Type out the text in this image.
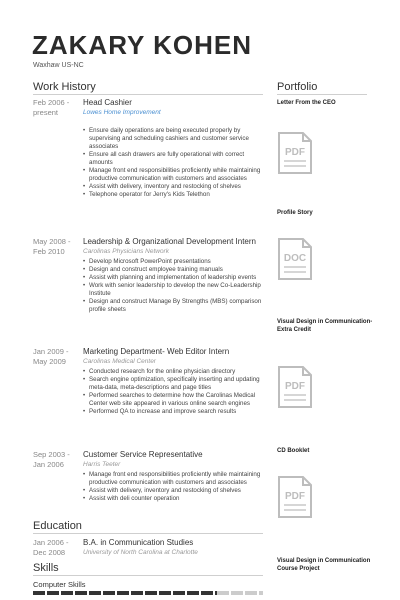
ZAKARY KOHEN
Waxhaw US-NC
Work History	Portfolio
Feb 2006 - present
Head Cashier
Lowes Home Improvement
• Ensure daily operations are being executed properly by supervising and scheduling cashiers and customer service associates
• Ensure all cash drawers are fully operational with correct amounts
• Manage front end responsibilities proficiently while maintaining productive communication with customers and associates
• Assist with delivery, inventory and restocking of shelves
• Telephone operator for Jerry's Kids Telethon
May 2008 - Feb 2010
Leadership & Organizational Development Intern
Carolinas Physicians Network
• Develop Microsoft PowerPoint presentations
• Design and construct employee training manuals
• Assist with planning and implementation of leadership events
• Work with senior leadership to develop the new Co-Leadership Institute
• Design and construct Manage By Strengths (MBS) comparison profile sheets
Jan 2009 - May 2009
Marketing Department- Web Editor Intern
Carolinas Medical Center
• Conducted research for the online physician directory
• Search engine optimization, specifically inserting and updating meta-data, meta-descriptions and page titles
• Performed searches to determine how the Carolinas Medical Center web site appeared in various online search engines
• Performed QA to increase and improve search results
Sep 2003 - Jan 2006
Customer Service Representative
Harris Teeter
• Manage front end responsibilities proficiently while maintaining productive communication with customers and associates
• Assist with delivery, inventory and restocking of shelves
• Assist with deli counter operation
Education
Jan 2006 - Dec 2008
B.A. in Communication Studies
University of North Carolina at Charlotte
Skills
Computer Skills
Letter From the CEO
PDF
Profile Story
DOC
Visual Design in Communication- Extra Credit
PDF
CD Booklet
PDF
Visual Design in Communication Course Project
